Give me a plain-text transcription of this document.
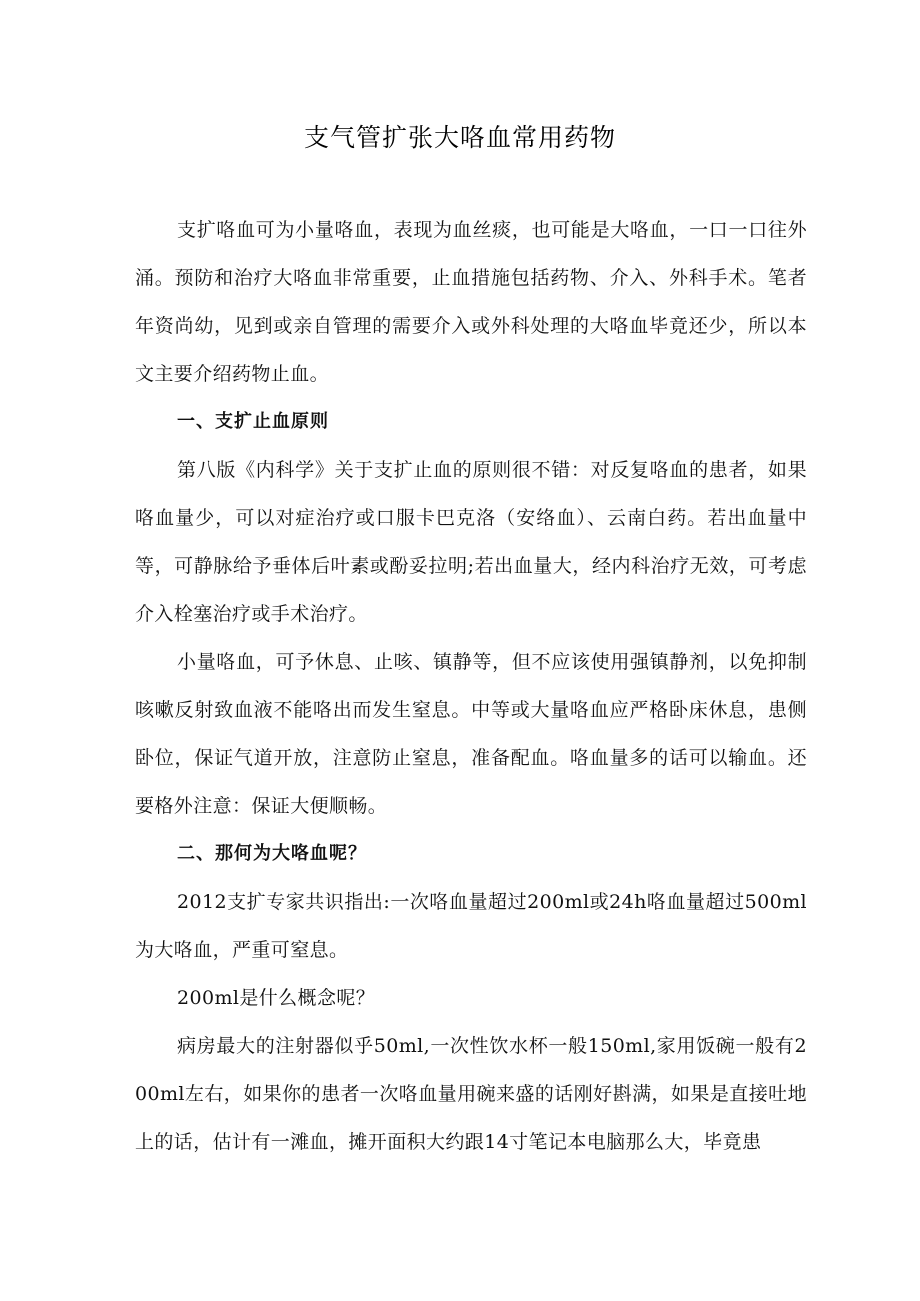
支气管扩张大咯血常用药物

支扩咯血可为小量咯血，表现为血丝痰，也可能是大咯血，一口一口往外涌。预防和治疗大咯血非常重要，止血措施包括药物、介入、外科手术。笔者年资尚幼，见到或亲自管理的需要介入或外科处理的大咯血毕竟还少，所以本文主要介绍药物止血。

一、支扩止血原则

第八版《内科学》关于支扩止血的原则很不错：对反复咯血的患者，如果咯血量少，可以对症治疗或口服卡巴克洛（安络血）、云南白药。若出血量中等，可静脉给予垂体后叶素或酚妥拉明;若出血量大，经内科治疗无效，可考虑介入栓塞治疗或手术治疗。

小量咯血，可予休息、止咳、镇静等，但不应该使用强镇静剂，以免抑制咳嗽反射致血液不能咯出而发生窒息。中等或大量咯血应严格卧床休息，患侧卧位，保证气道开放，注意防止窒息，准备配血。咯血量多的话可以输血。还要格外注意：保证大便顺畅。

二、那何为大咯血呢？

2012支扩专家共识指出:一次咯血量超过200ml或24h咯血量超过500ml为大咯血，严重可窒息。

200ml是什么概念呢？

病房最大的注射器似乎50ml,一次性饮水杯一般150ml,家用饭碗一般有200ml左右，如果你的患者一次咯血量用碗来盛的话刚好斟满，如果是直接吐地上的话，估计有一滩血，摊开面积大约跟14寸笔记本电脑那么大，毕竟患
